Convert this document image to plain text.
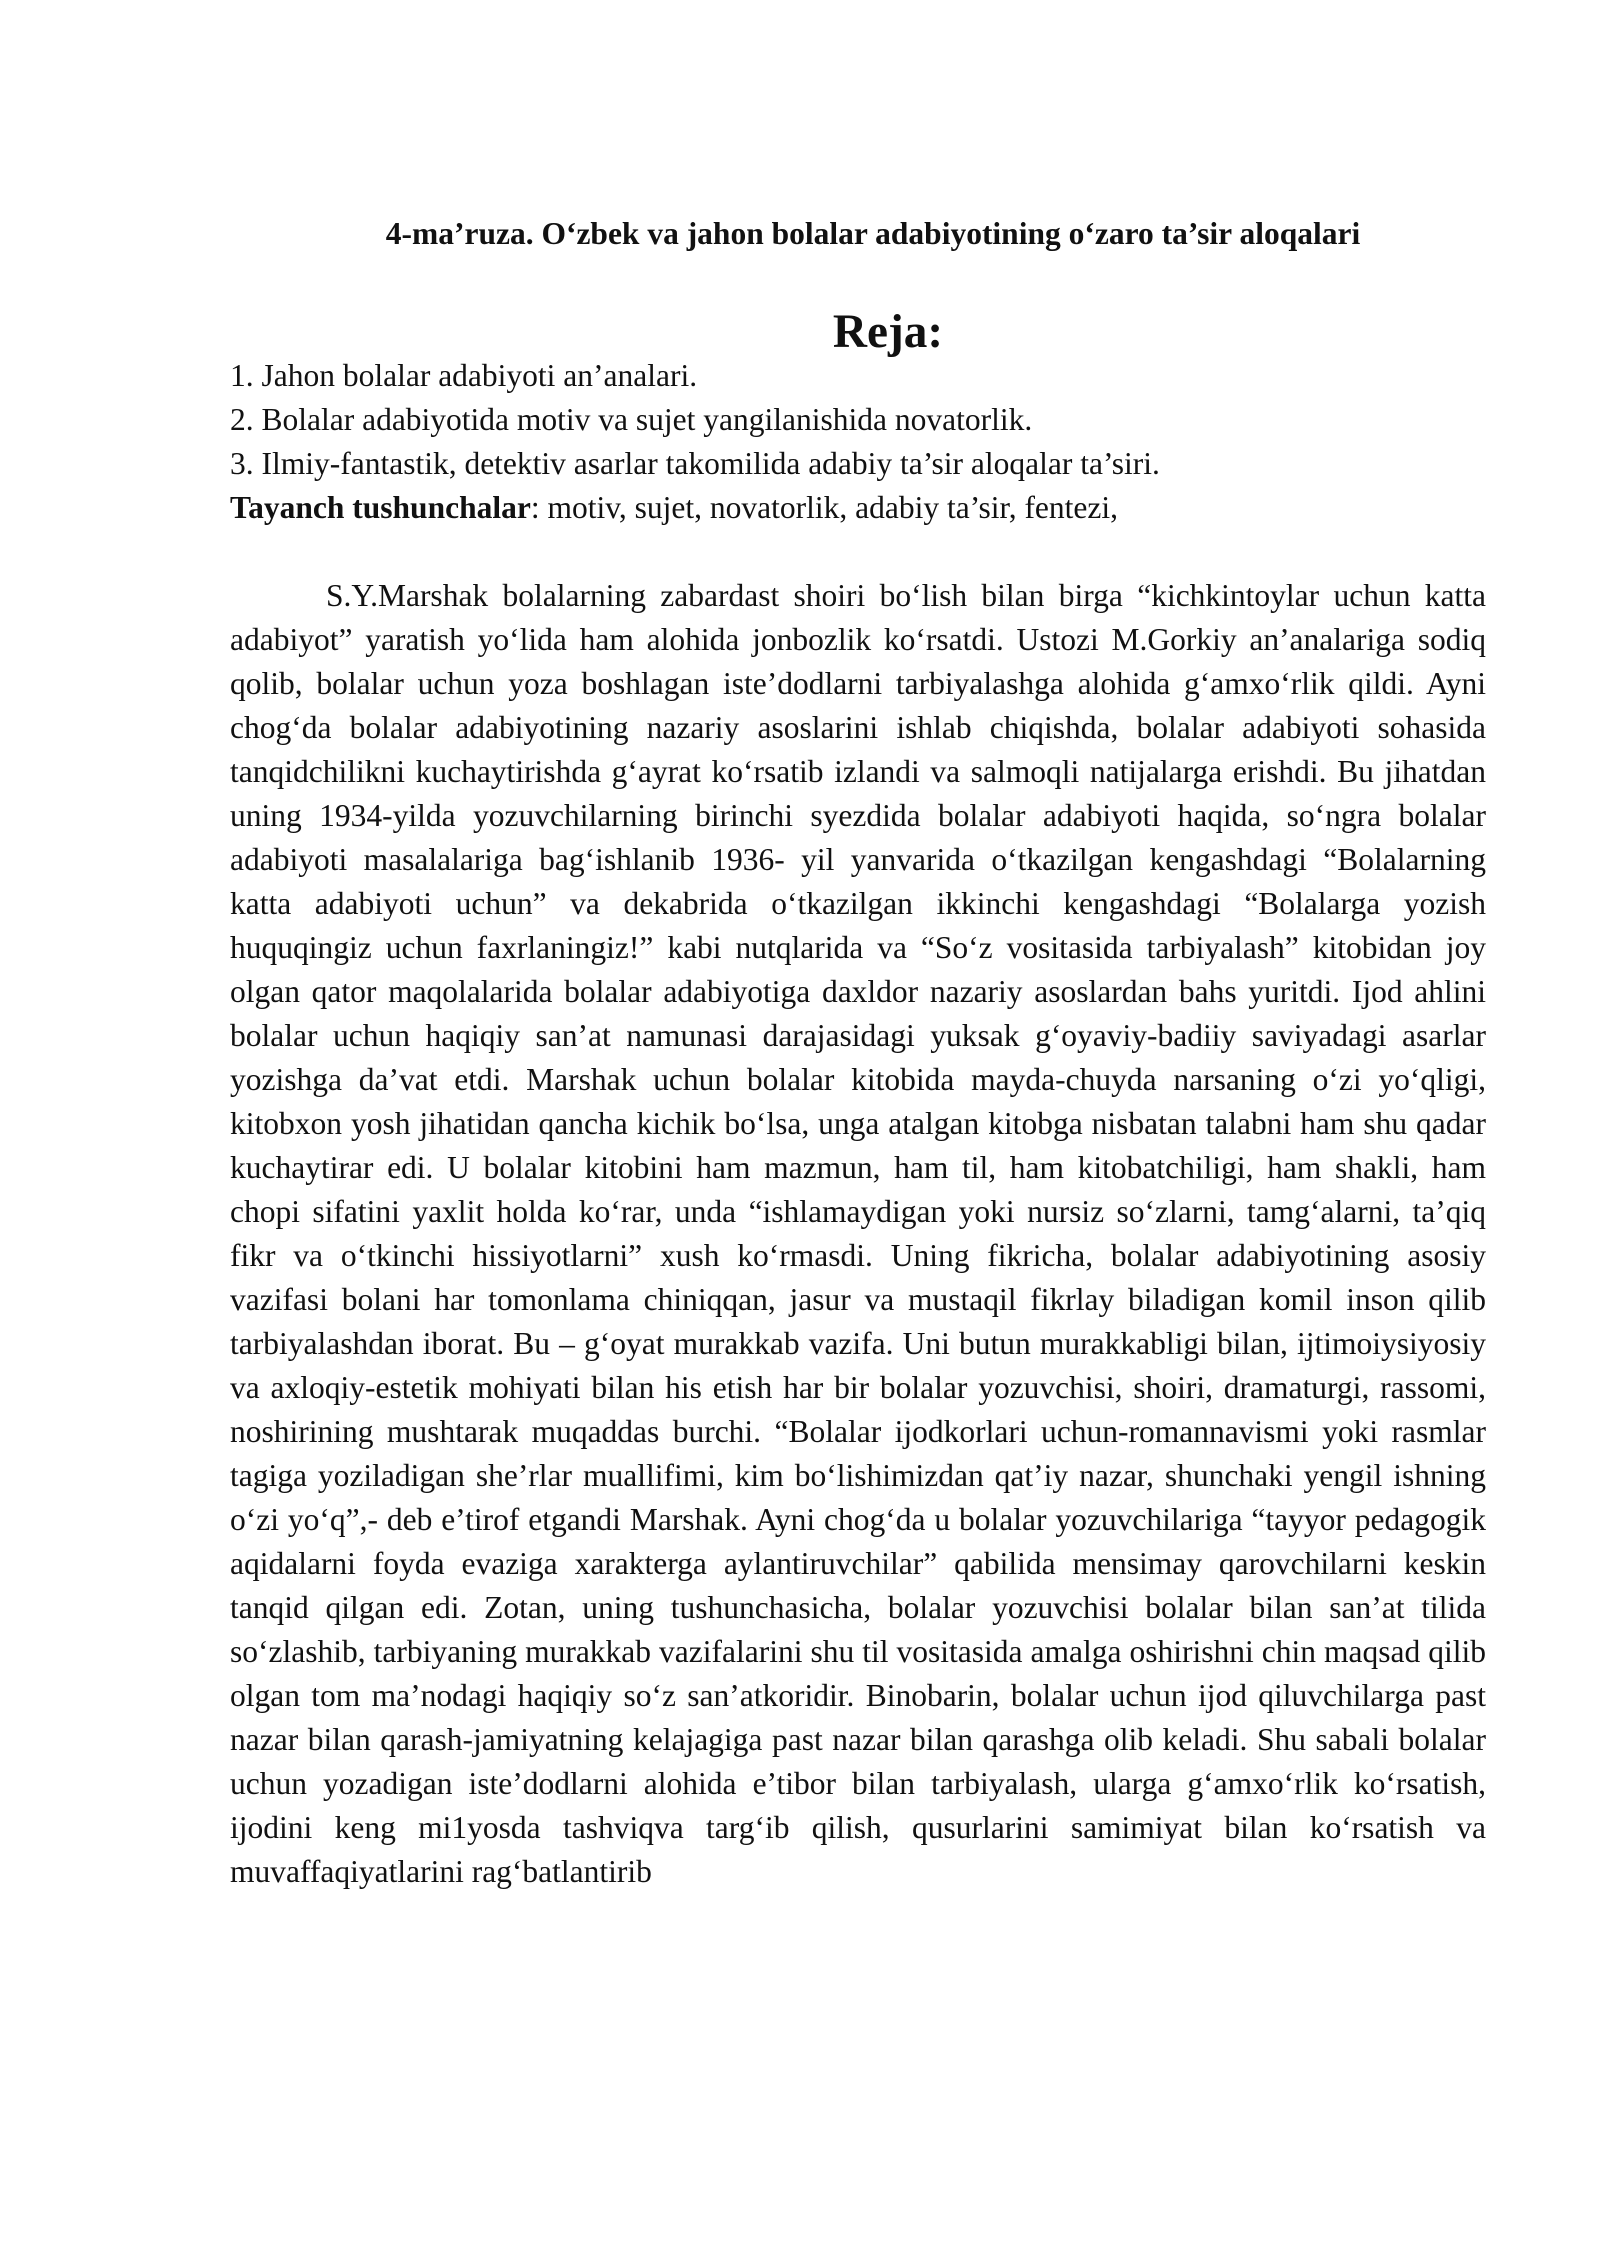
4-ma’ruza. O‘zbek va jahon bolalar adabiyotining o‘zaro ta’sir aloqalari
Reja:
1. Jahon bolalar adabiyoti an’analari.
2. Bolalar adabiyotida motiv va sujet yangilanishida novatorlik.
3. Ilmiy-fantastik, detektiv asarlar takomilida adabiy ta’sir aloqalar ta’siri.

Tayanch tushunchalar: motiv, sujet, novatorlik, adabiy ta’sir, fentezi,

S.Y.Marshak bolalarning zabardast shoiri bo‘lish bilan birga “kichkintoylar uchun katta adabiyot” yaratish yo‘lida ham alohida jonbozlik ko‘rsatdi. Ustozi M.Gorkiy an’analariga sodiq qolib, bolalar uchun yoza boshlagan iste’dodlarni tarbiyalashga alohida g‘amxo‘rlik qildi. Ayni chog‘da bolalar adabiyotining nazariy asoslarini ishlab chiqishda, bolalar adabiyoti sohasida tanqidchilikni kuchaytirishda g‘ayrat ko‘rsatib izlandi va salmoqli natijalarga erishdi. Bu jihatdan uning 1934-yilda yozuvchilarning birinchi syezdida bolalar adabiyoti haqida, so‘ngra bolalar adabiyoti masalalariga bag‘ishlanib 1936- yil yanvarida o‘tkazilgan kengashdagi “Bolalarning katta adabiyoti uchun” va dekabrida o‘tkazilgan ikkinchi kengashdagi “Bolalarga yozish huquqingiz uchun faxrlaningiz!” kabi nutqlarida va “So‘z vositasida tarbiyalash” kitobidan joy olgan qator maqolalarida bolalar adabiyotiga daxldor nazariy asoslardan bahs yuritdi. Ijod ahlini bolalar uchun haqiqiy san’at namunasi darajasidagi yuksak g‘oyaviy-badiiy saviyadagi asarlar yozishga da’vat etdi. Marshak uchun bolalar kitobida mayda-chuyda narsaning o‘zi yo‘qligi, kitobxon yosh jihatidan qancha kichik bo‘lsa, unga atalgan kitobga nisbatan talabni ham shu qadar kuchaytirar edi. U bolalar kitobini ham mazmun, ham til, ham kitobatchiligi, ham shakli, ham chopi sifatini yaxlit holda ko‘rar, unda “ishlamaydigan yoki nursiz so‘zlarni, tamg‘alarni, ta’qiq fikr va o‘tkinchi hissiyotlarni” xush ko‘rmasdi. Uning fikricha, bolalar adabiyotining asosiy vazifasi bolani har tomonlama chiniqqan, jasur va mustaqil fikrlay biladigan komil inson qilib tarbiyalashdan iborat. Bu – g‘oyat murakkab vazifa. Uni butun murakkabligi bilan, ijtimoiysiyosiy va axloqiy-estetik mohiyati bilan his etish har bir bolalar yozuvchisi, shoiri, dramaturgi, rassomi, noshirining mushtarak muqaddas burchi. “Bolalar ijodkorlari uchun-romannavismi yoki rasmlar tagiga yoziladigan she’rlar muallifimi, kim bo‘lishimizdan qat’iy nazar, shunchaki yengil ishning o‘zi yo‘q”,- deb e’tirof etgandi Marshak. Ayni chog‘da u bolalar yozuvchilariga “tayyor pedagogik aqidalarni foyda evaziga xarakterga aylantiruvchilar” qabilida mensimay qarovchilarni keskin tanqid qilgan edi. Zotan, uning tushunchasicha, bolalar yozuvchisi bolalar bilan san’at tilida so‘zlashib, tarbiyaning murakkab vazifalarini shu til vositasida amalga oshirishni chin maqsad qilib olgan tom ma’nodagi haqiqiy so‘z san’atkoridir. Binobarin, bolalar uchun ijod qiluvchilarga past nazar bilan qarash-jamiyatning kelajagiga past nazar bilan qarashga olib keladi. Shu sabali bolalar uchun yozadigan iste’dodlarni alohida e’tibor bilan tarbiyalash, ularga g‘amxo‘rlik ko‘rsatish, ijodini keng mi1yosda tashviqva targ‘ib qilish, qusurlarini samimiyat bilan ko‘rsatish va muvaffaqiyatlarini rag‘batlantirib
